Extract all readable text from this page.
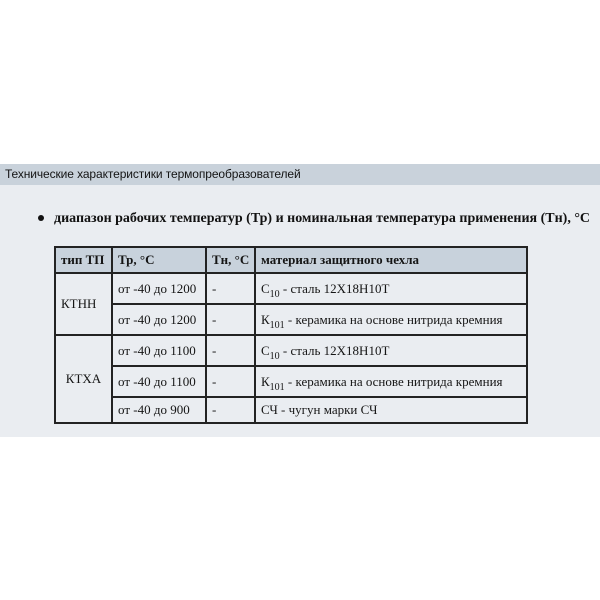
Технические характеристики термопреобразователей
диапазон рабочих температур (Тр) и номинальная температура применения (Тн), °С
тип ТП	Тр, °С	Тн, °С	материал защитного чехла
КТНН	от -40 до 1200	-	$С_{10}$ - сталь 12Х18Н10Т
	от -40 до 1200	-	$К_{101}$ - керамика на основе нитрида кремния
КТХА	от -40 до 1100	-	$С_{10}$ - сталь 12Х18Н10Т
	от -40 до 1100	-	$К_{101}$ - керамика на основе нитрида кремния
	от -40 до 900	-	СЧ - чугун марки СЧ
